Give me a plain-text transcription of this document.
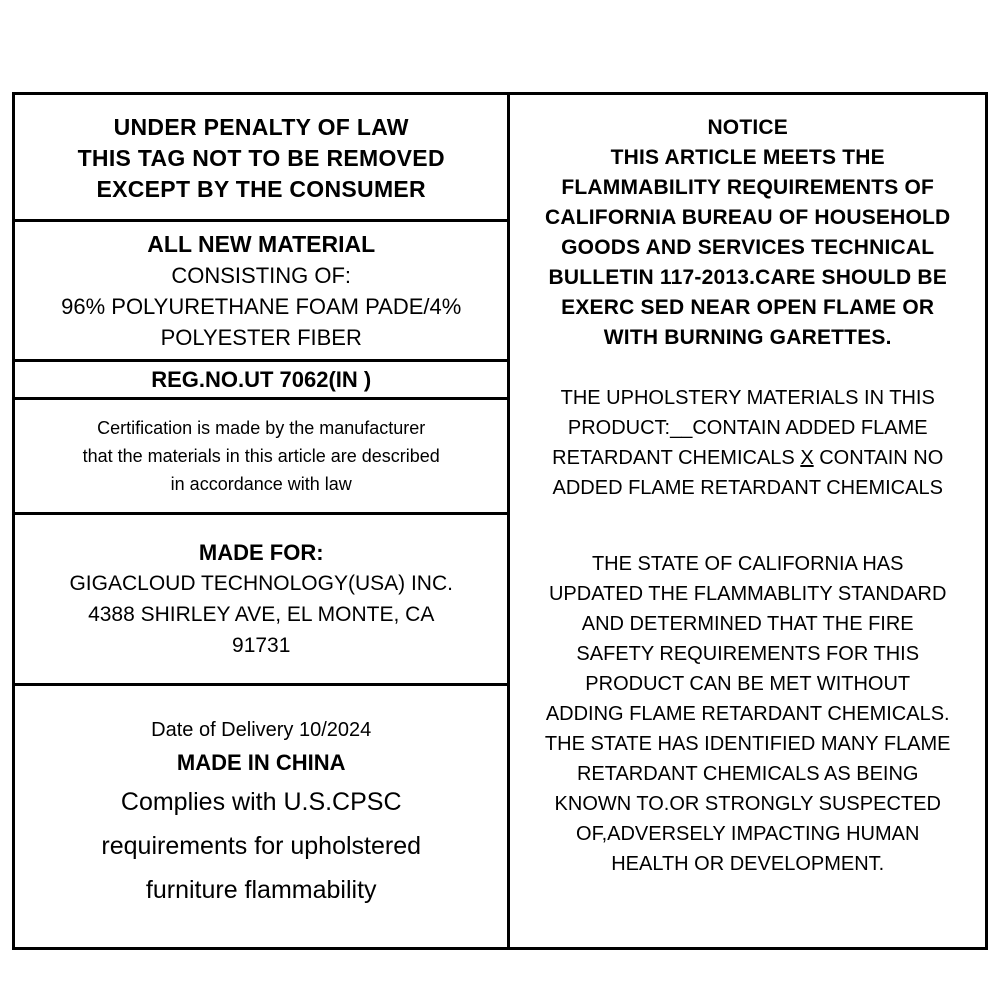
UNDER PENALTY OF LAW
THIS TAG NOT TO BE REMOVED
EXCEPT BY THE CONSUMER
ALL NEW MATERIAL
CONSISTING OF:
96% POLYURETHANE FOAM PADE/4%
POLYESTER FIBER
REG.NO.UT 7062(IN )
Certification is made by the manufacturer
that the materials in this article are described
in accordance with law
MADE FOR:
GIGACLOUD TECHNOLOGY(USA) INC.
4388 SHIRLEY AVE, EL MONTE, CA
91731
Date of Delivery 10/2024
MADE IN CHINA
Complies with U.S.CPSC
requirements for upholstered
furniture flammability
NOTICE
THIS ARTICLE MEETS THE
FLAMMABILITY REQUIREMENTS OF
CALIFORNIA BUREAU OF HOUSEHOLD
GOODS AND SERVICES TECHNICAL
BULLETIN 117-2013.CARE SHOULD BE
EXERC SED NEAR OPEN FLAME OR
WITH BURNING GARETTES.
THE UPHOLSTERY MATERIALS IN THIS
PRODUCT:__CONTAIN ADDED FLAME
RETARDANT CHEMICALS X CONTAIN NO
ADDED FLAME RETARDANT CHEMICALS
THE STATE OF CALIFORNIA HAS
UPDATED THE FLAMMABLITY STANDARD
AND DETERMINED THAT THE FIRE
SAFETY REQUIREMENTS FOR THIS
PRODUCT CAN BE MET WITHOUT
ADDING FLAME RETARDANT CHEMICALS.
THE STATE HAS IDENTIFIED MANY FLAME
RETARDANT CHEMICALS AS BEING
KNOWN TO.OR STRONGLY SUSPECTED
OF,ADVERSELY IMPACTING HUMAN
HEALTH OR DEVELOPMENT.
